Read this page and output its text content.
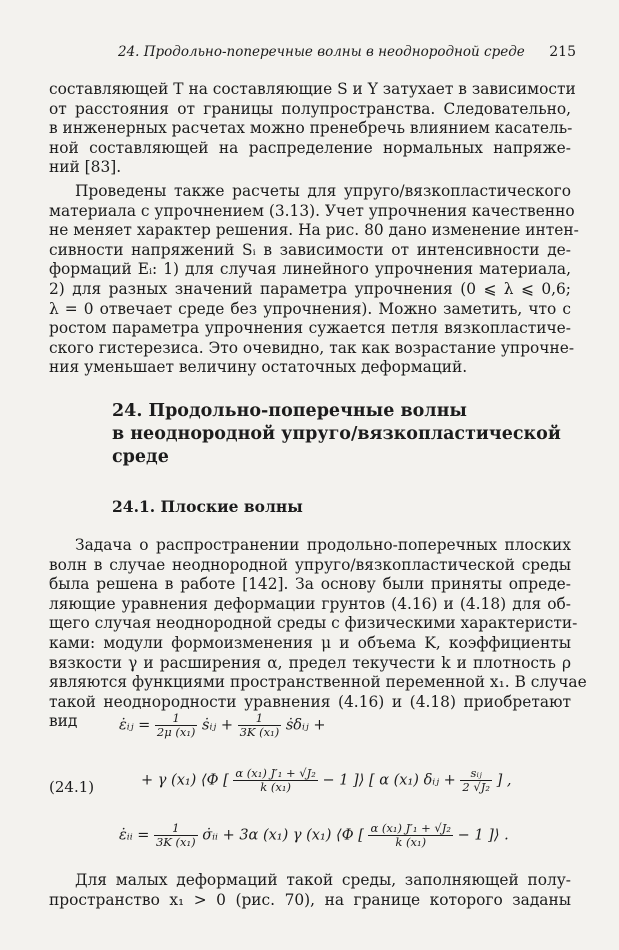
24. Продольно-поперечные волны в неоднородной среде 215
составляющей T на составляющие S и Y затухает в зависимости
от расстояния от границы полупространства. Следовательно,
в инженерных расчетах можно пренебречь влиянием касатель-
ной составляющей на распределение нормальных напряже-
ний [83].
Проведены также расчеты для упруго/вязкопластического
материала с упрочнением (3.13). Учет упрочнения качественно
не меняет характер решения. На рис. 80 дано изменение интен-
сивности напряжений Sᵢ в зависимости от интенсивности де-
формаций Eᵢ: 1) для случая линейного упрочнения материала,
2) для разных значений параметра упрочнения (0 ⩽ λ ⩽ 0,6;
λ = 0 отвечает среде без упрочнения). Можно заметить, что с
ростом параметра упрочнения сужается петля вязкопластиче-
ского гистерезиса. Это очевидно, так как возрастание упрочне-
ния уменьшает величину остаточных деформаций.
24. Продольно-поперечные волны
в неоднородной упруго/вязкопластической
среде
24.1. Плоские волны
Задача о распространении продольно-поперечных плоских
волн в случае неоднородной упруго/вязкопластической среды
была решена в работе [142]. За основу были приняты опреде-
ляющие уравнения деформации грунтов (4.16) и (4.18) для об-
щего случая неоднородной среды с физическими характеристи-
ками: модули формоизменения μ и объема K, коэффициенты
вязкости γ и расширения α, предел текучести k и плотность ρ
являются функциями пространственной переменной x₁. В случае
такой неоднородности уравнения (4.16) и (4.18) приобретают
вид	ε̇ᵢⱼ = $\frac{1}{\text{2μ (x₁)}}$ ṡᵢⱼ + $\frac{1}{\text{3K (x₁)}}$ ṡδᵢⱼ +
(24.1)	+ γ (x₁) ⟨Φ [ $\frac{\text{α (x₁) J′₁ + √J₂}}{\text{k (x₁)}} - 1$ ]⟩ [ α (x₁) δᵢⱼ + $\frac{\text{sᵢⱼ}}{\text{2 √J₂}}$ ] ,
ε̇ᵢᵢ = $\frac{1}{\text{3K (x₁)}}$ σ̇ᵢᵢ + 3α (x₁) γ (x₁) ⟨Φ [ $\frac{\text{α (x₁) J′₁ + √J₂}}{\text{k (x₁)}} - 1$ ]⟩ .
Для малых деформаций такой среды, заполняющей полу-
пространство x₁ > 0 (рис. 70), на границе которого заданы
